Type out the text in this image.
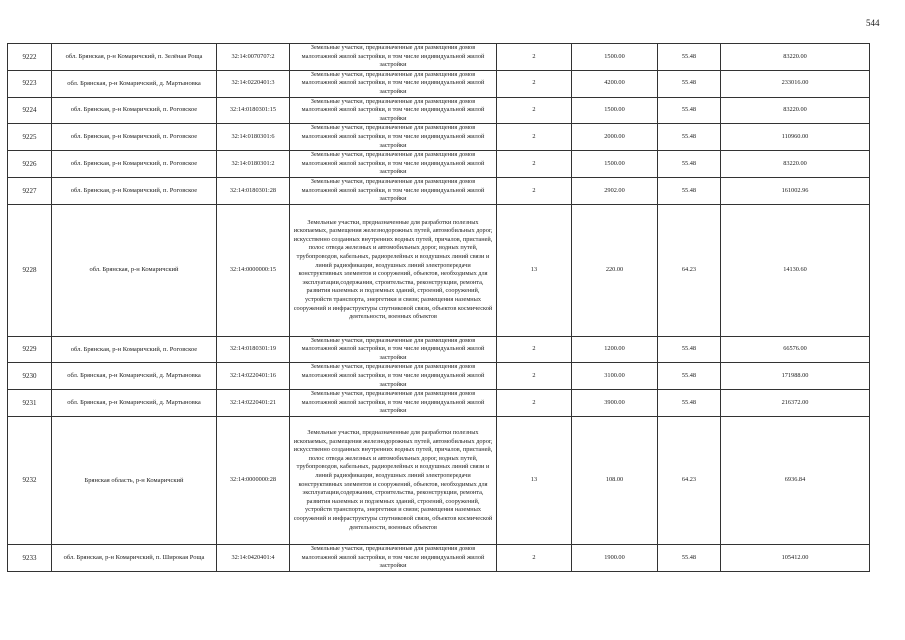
544
9222	обл. Брянская, р-н Комаричский, п. Зелёная Роща	32:14:0070707:2	Земельные участки, предназначенные для размещения домов малоэтажной жилой застройки, в том числе индивидуальной жилой застройки	2	1500.00	55.48	83220.00
9223	обл. Брянская, р-н Комаричский, д. Мартыновка	32:14:0220401:3	Земельные участки, предназначенные для размещения домов малоэтажной жилой застройки, в том числе индивидуальной жилой застройки	2	4200.00	55.48	233016.00
9224	обл. Брянская, р-н Комаричский, п. Роговское	32:14:0180301:15	Земельные участки, предназначенные для размещения домов малоэтажной жилой застройки, в том числе индивидуальной жилой застройки	2	1500.00	55.48	83220.00
9225	обл. Брянская, р-н Комаричский, п. Роговское	32:14:0180301:6	Земельные участки, предназначенные для размещения домов малоэтажной жилой застройки, в том числе индивидуальной жилой застройки	2	2000.00	55.48	110960.00
9226	обл. Брянская, р-н Комаричский, п. Роговское	32:14:0180301:2	Земельные участки, предназначенные для размещения домов малоэтажной жилой застройки, в том числе индивидуальной жилой застройки	2	1500.00	55.48	83220.00
9227	обл. Брянская, р-н Комаричский, п. Роговское	32:14:0180301:28	Земельные участки, предназначенные для размещения домов малоэтажной жилой застройки, в том числе индивидуальной жилой застройки	2	2902.00	55.48	161002.96
9228	обл. Брянская, р-н Комаричский	32:14:0000000:15	Земельные участки, предназначенные для разработки полезных ископаемых, размещения железнодорожных путей, автомобильных дорог, искусственно созданных внутренних водных путей, причалов, пристаней, полос отвода железных и автомобильных дорог, водных путей, трубопроводов, кабельных, радиорелейных и воздушных линий связи и линий радиофикации, воздушных линий электропередачи конструктивных элементов и сооружений, объектов, необходимых для эксплуатации,содержания, строительства, реконструкции, ремонта, развития наземных и подземных зданий, строений, сооружений, устройств транспорта, энергетики и связи; размещения наземных сооружений и инфраструктуры спутниковой связи, объектов космической деятельности, военных объектов	13	220.00	64.23	14130.60
9229	обл. Брянская, р-н Комаричский, п. Роговское	32:14:0180301:19	Земельные участки, предназначенные для размещения домов малоэтажной жилой застройки, в том числе индивидуальной жилой застройки	2	1200.00	55.48	66576.00
9230	обл. Брянская, р-н Комаричский, д. Мартыновка	32:14:0220401:16	Земельные участки, предназначенные для размещения домов малоэтажной жилой застройки, в том числе индивидуальной жилой застройки	2	3100.00	55.48	171988.00
9231	обл. Брянская, р-н Комаричский, д. Мартыновка	32:14:0220401:21	Земельные участки, предназначенные для размещения домов малоэтажной жилой застройки, в том числе индивидуальной жилой застройки	2	3900.00	55.48	216372.00
9232	Брянская область, р-н Комаричский	32:14:0000000:28	Земельные участки, предназначенные для разработки полезных ископаемых, размещения железнодорожных путей, автомобильных дорог, искусственно созданных внутренних водных путей, причалов, пристаней, полос отвода железных и автомобильных дорог, водных путей, трубопроводов, кабельных, радиорелейных и воздушных линий связи и линий радиофикации, воздушных линий электропередачи конструктивных элементов и сооружений, объектов, необходимых для эксплуатации,содержания, строительства, реконструкции, ремонта, развития наземных и подземных зданий, строений, сооружений, устройств транспорта, энергетики и связи; размещения наземных сооружений и инфраструктуры спутниковой связи, объектов космической деятельности, военных объектов	13	108.00	64.23	6936.84
9233	обл. Брянская, р-н Комаричский, п. Широкая Роща	32:14:0420401:4	Земельные участки, предназначенные для размещения домов малоэтажной жилой застройки, в том числе индивидуальной жилой застройки	2	1900.00	55.48	105412.00
